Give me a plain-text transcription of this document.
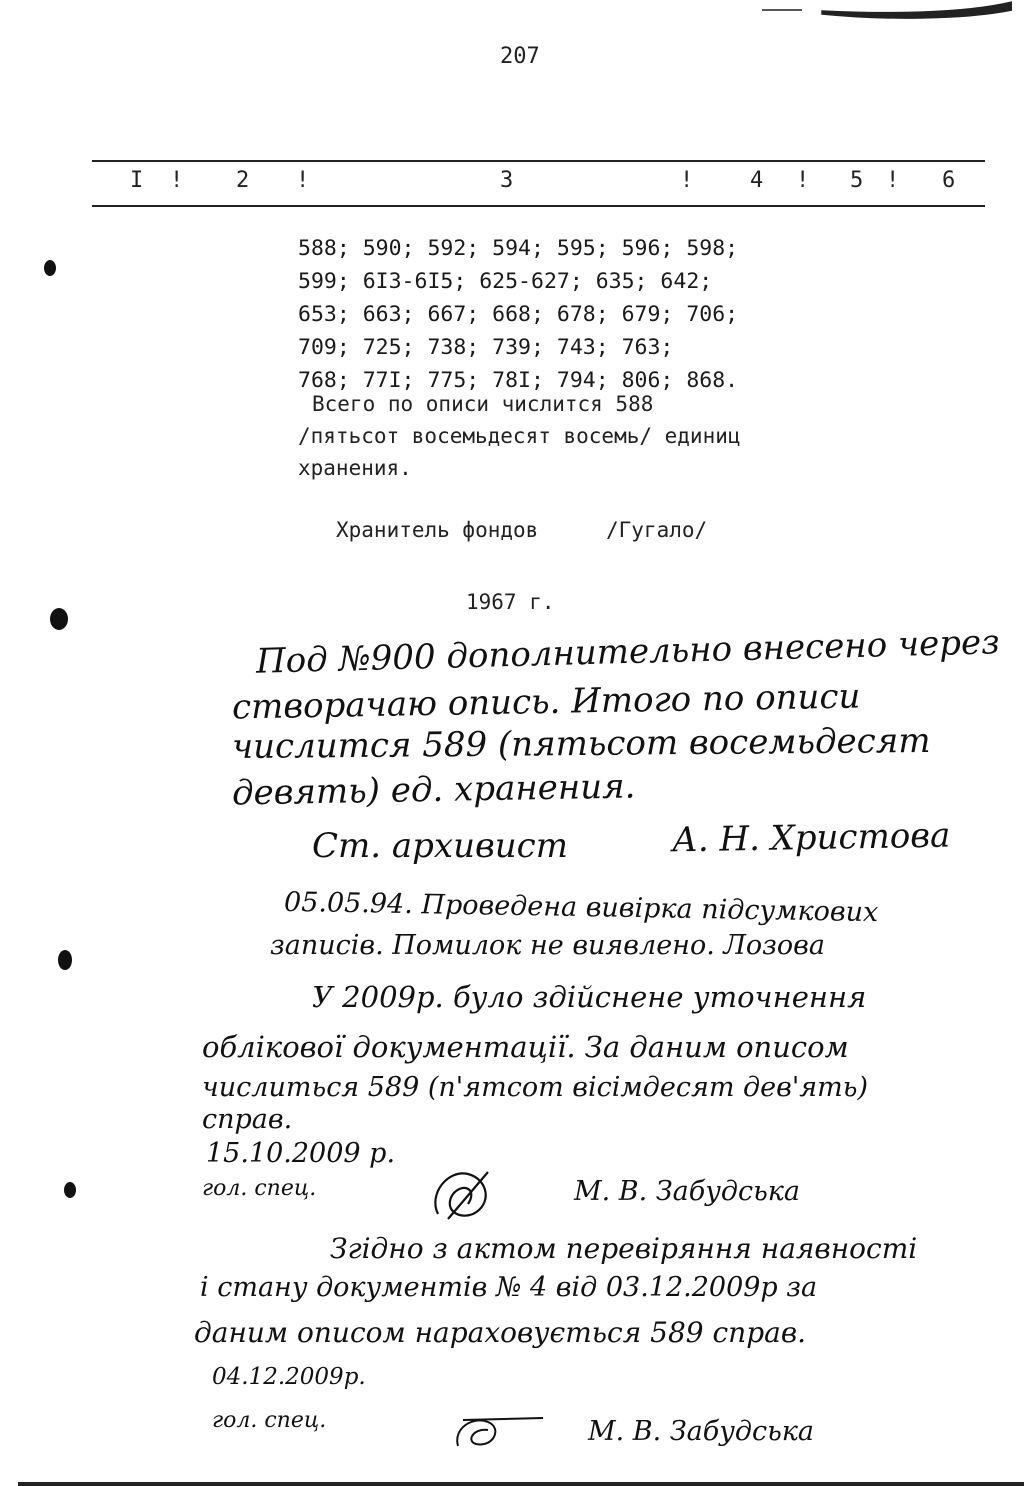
207
I ! 2 !	3	!	4 ! 5 ! 6
588; 590; 592; 594; 595; 596; 598;
599; 6I3-6I5; 625-627; 635; 642;
653; 663; 667; 668; 678; 679; 706;
709; 725; 738; 739; 743; 763;
768; 77I; 775; 78I; 794; 806; 868.
Всего по описи числится 588
/пятьсот восемьдесят восемь/ единиц
хранения.
Хранитель фондов	/Гугало/
1967 г.
Под №900 дополнительно внесено через
створачаю опись. Итого по описи
числится 589 (пятьсот восемьдесят
девять) ед. хранения.
Ст. архивист	А. Н. Христова
05.05.94. Проведена вивірка підсумкових
записів. Помилок не виявлено. Лозова
У 2009р. було здійснене уточнення
облікової документації. За даним описом
числиться 589 (п'ятсот вісімдесят дев'ять)
справ.
15.10.2009 р.
гол. спец.	М. В. Забудська
Згідно з актом перевіряння наявності
і стану документів № 4 від 03.12.2009р за
даним описом нараховується 589 справ.
04.12.2009р.
гол. спец.	М. В. Забудська
